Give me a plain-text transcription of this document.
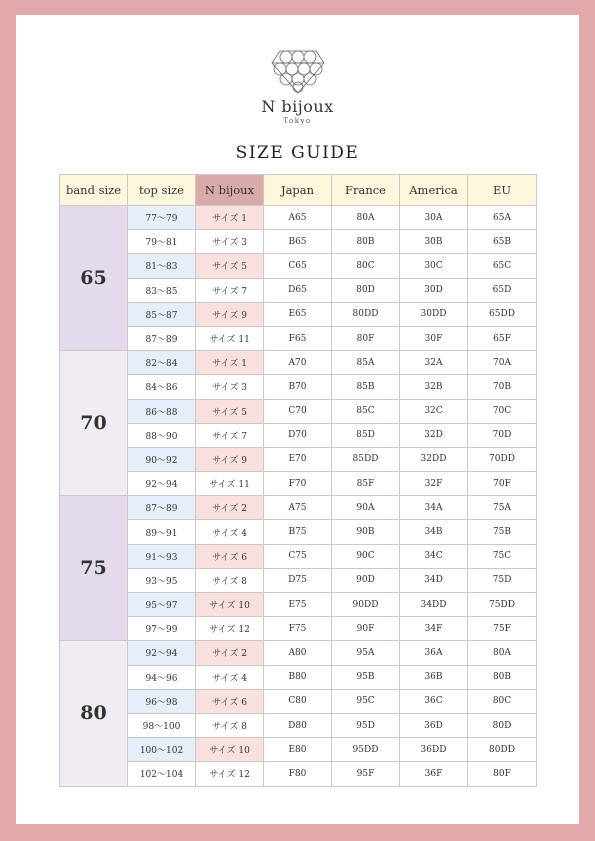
N bijoux
Tokyo
SIZE GUIDE
band size	top size	N bijoux	Japan	France	America	EU
65	77～79	サイズ 1	A65	80A	30A	65A
	79～81	サイズ 3	B65	80B	30B	65B
	81～83	サイズ 5	C65	80C	30C	65C
	83～85	サイズ 7	D65	80D	30D	65D
	85～87	サイズ 9	E65	80DD	30DD	65DD
	87～89	サイズ 11	F65	80F	30F	65F
70	82～84	サイズ 1	A70	85A	32A	70A
	84～86	サイズ 3	B70	85B	32B	70B
	86～88	サイズ 5	C70	85C	32C	70C
	88～90	サイズ 7	D70	85D	32D	70D
	90～92	サイズ 9	E70	85DD	32DD	70DD
	92～94	サイズ 11	F70	85F	32F	70F
75	87～89	サイズ 2	A75	90A	34A	75A
	89～91	サイズ 4	B75	90B	34B	75B
	91～93	サイズ 6	C75	90C	34C	75C
	93～95	サイズ 8	D75	90D	34D	75D
	95～97	サイズ 10	E75	90DD	34DD	75DD
	97～99	サイズ 12	F75	90F	34F	75F
80	92～94	サイズ 2	A80	95A	36A	80A
	94～96	サイズ 4	B80	95B	36B	80B
	96～98	サイズ 6	C80	95C	36C	80C
	98～100	サイズ 8	D80	95D	36D	80D
	100～102	サイズ 10	E80	95DD	36DD	80DD
	102～104	サイズ 12	F80	95F	36F	80F
